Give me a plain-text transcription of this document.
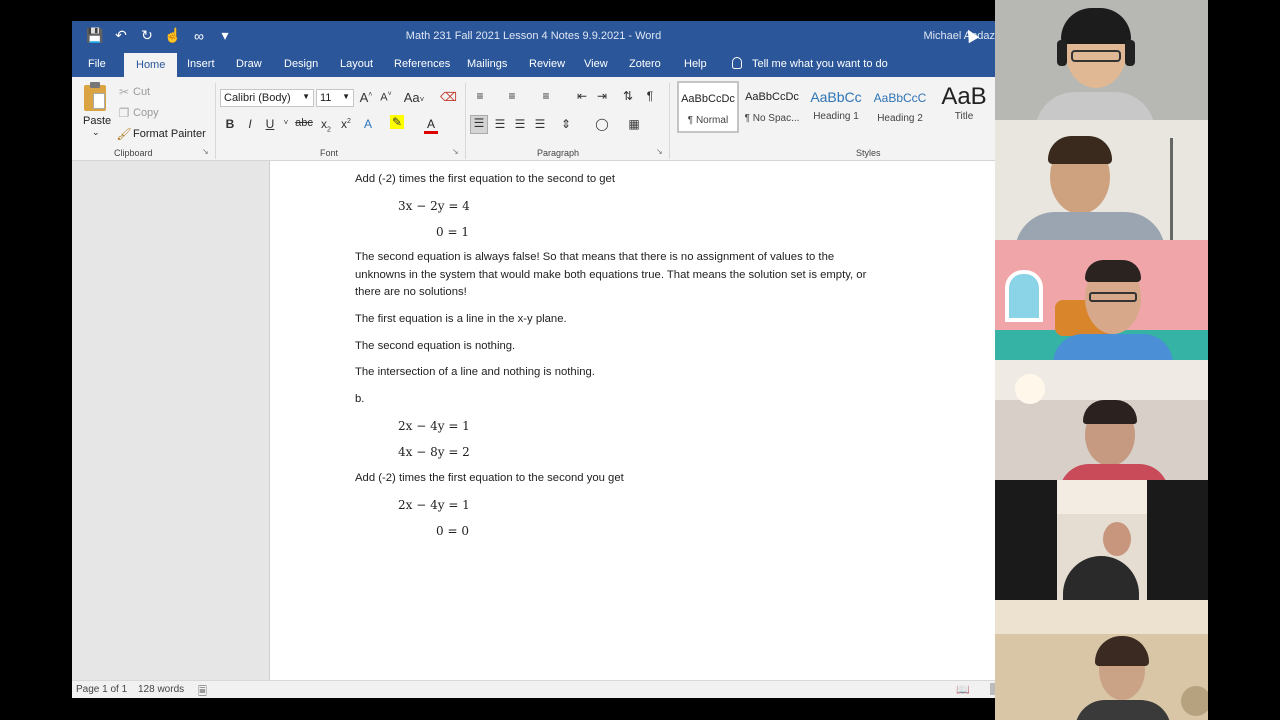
💾 ↶ ↻ ☝ ∞	▾	Math 231 Fall 2021 Lesson 4 Notes 9.9.2021 - Word	Michael Andaz
File	Home	Insert Draw Design Layout References Mailings Review View Zotero Help	Tell me what you want to do
Paste
⌄
✂ Cut
❐ Copy
🖌 Format Painter
Clipboard	↘
Calibri (Body) ▼ 11 ▼ A˄ A˅ Aa˅ ⌫
B	I	U	˅ abc $x_2$ $x^2$	A	✎ A
Font	↘
≡	≡	≡	⇤ ⇥ ⇅	¶
☰ ☰ ☰ ☰ ⇕ ◯ ▦
Paragraph	↘
AaBbCcDc
¶ Normal
AaBbCcDc
¶ No Spac...
AaBbCc
Heading 1
AaBbCcC
Heading 2
AaB
Title
Styles
Add (-2) times the first equation to the second to get
3x − 2y = 4
0 = 1
The second equation is always false! So that means that there is no assignment of values to the
unknowns in the system that would make both equations true. That means the solution set is empty, or
there are no solutions!
The first equation is a line in the x-y plane.
The second equation is nothing.
The intersection of a line and nothing is nothing.
b.
2x − 4y = 1
4x − 8y = 2
Add (-2) times the first equation to the second you get
2x − 4y = 1
0 = 0
Page 1 of 1 128 words 🗏	📖
